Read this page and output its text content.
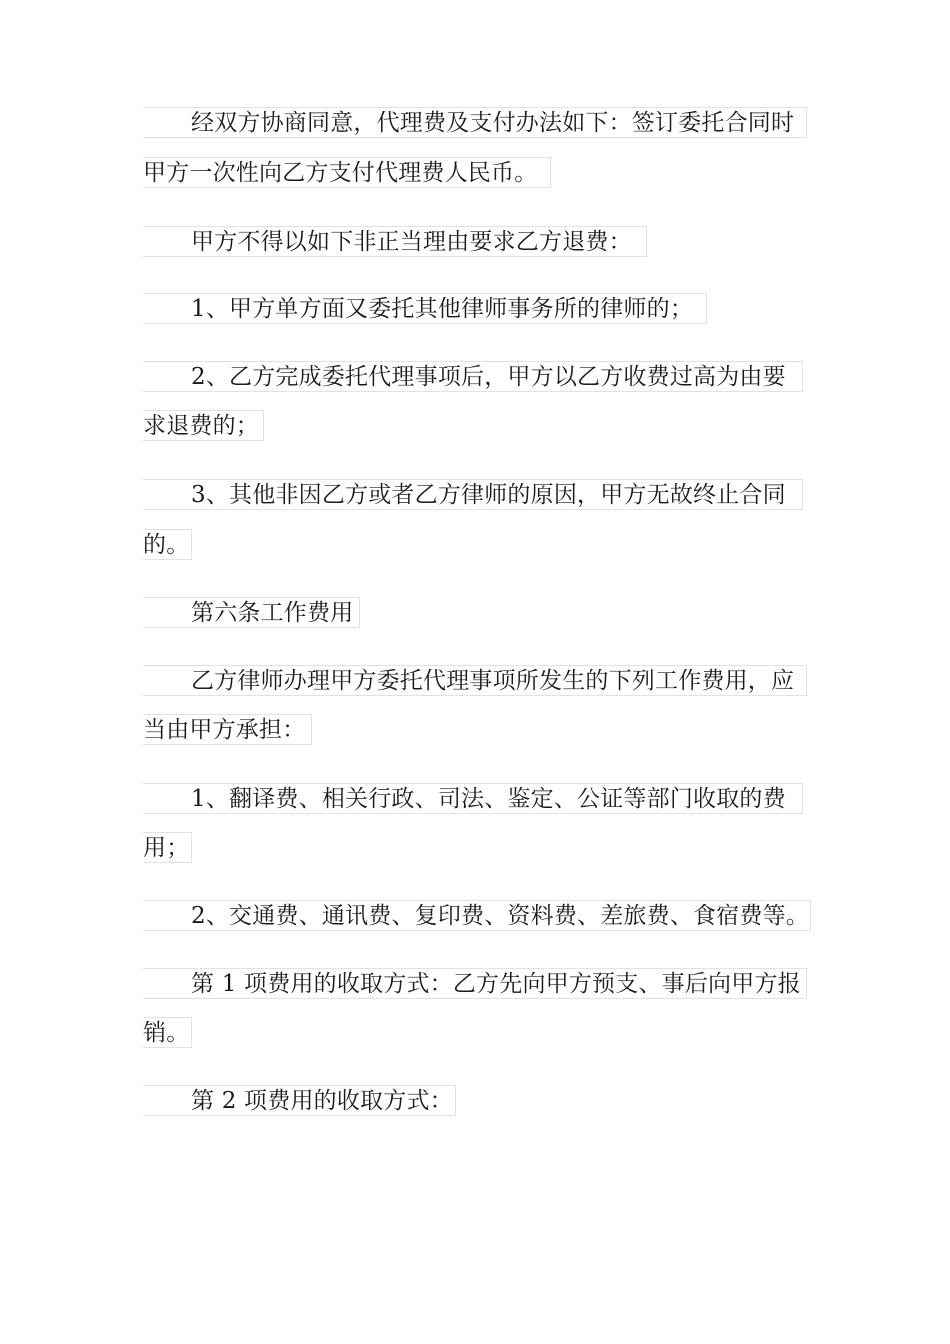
经双方协商同意，代理费及支付办法如下：签订委托合同时
甲方一次性向乙方支付代理费人民币。
甲方不得以如下非正当理由要求乙方退费：
1、甲方单方面又委托其他律师事务所的律师的；
2、乙方完成委托代理事项后，甲方以乙方收费过高为由要
求退费的；
3、其他非因乙方或者乙方律师的原因，甲方无故终止合同
的。
第六条工作费用
乙方律师办理甲方委托代理事项所发生的下列工作费用，应
当由甲方承担：
1、翻译费、相关行政、司法、鉴定、公证等部门收取的费
用；
2、交通费、通讯费、复印费、资料费、差旅费、食宿费等。
第 1 项费用的收取方式：乙方先向甲方预支、事后向甲方报
销。
第 2 项费用的收取方式：
